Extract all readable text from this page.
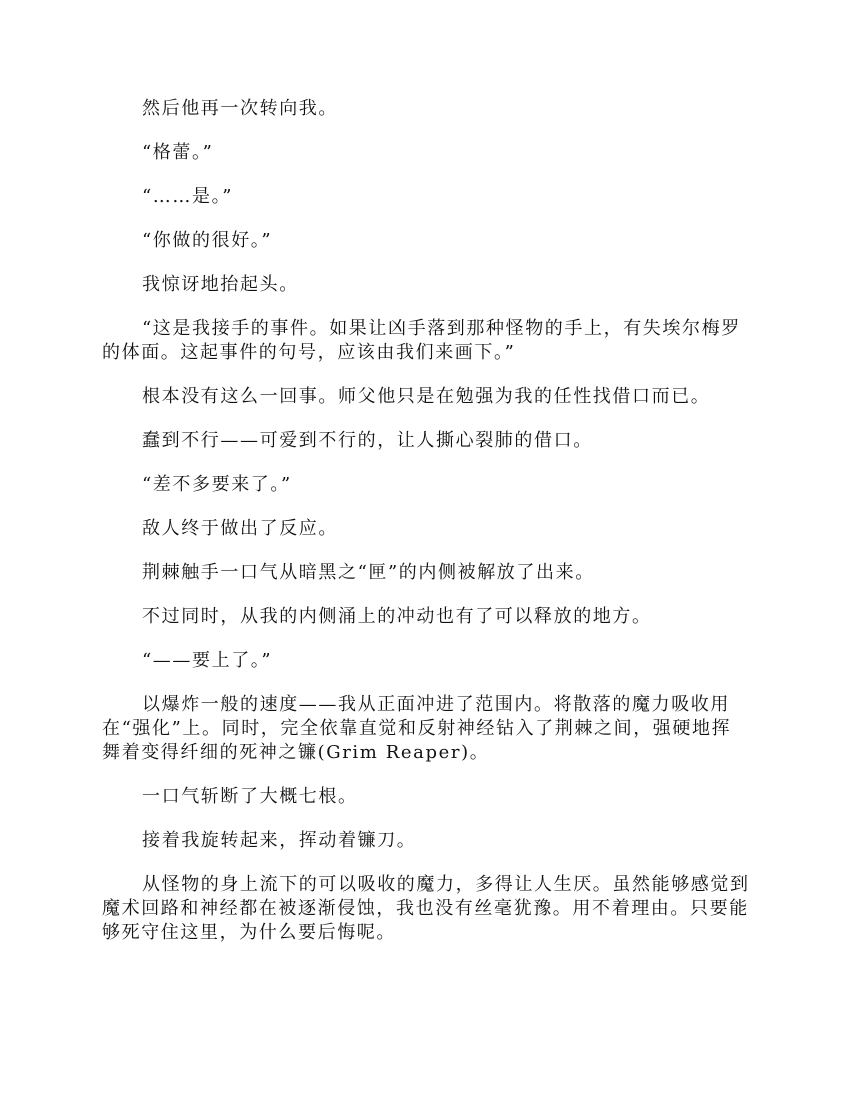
然后他再一次转向我。

“格蕾。”

“……是。”

“你做的很好。”

我惊讶地抬起头。

“这是我接手的事件。如果让凶手落到那种怪物的手上，有失埃尔梅罗的体面。这起事件的句号，应该由我们来画下。”

根本没有这么一回事。师父他只是在勉强为我的任性找借口而已。

蠢到不行——可爱到不行的，让人撕心裂肺的借口。

“差不多要来了。”

敌人终于做出了反应。

荆棘触手一口气从暗黑之“匣”的内侧被解放了出来。

不过同时，从我的内侧涌上的冲动也有了可以释放的地方。

“——要上了。”

以爆炸一般的速度——我从正面冲进了范围内。将散落的魔力吸收用在“强化”上。同时，完全依靠直觉和反射神经钻入了荆棘之间，强硬地挥舞着变得纤细的死神之镰(Grim Reaper)。

一口气斩断了大概七根。

接着我旋转起来，挥动着镰刀。

从怪物的身上流下的可以吸收的魔力，多得让人生厌。虽然能够感觉到魔术回路和神经都在被逐渐侵蚀，我也没有丝毫犹豫。用不着理由。只要能够死守住这里，为什么要后悔呢。
